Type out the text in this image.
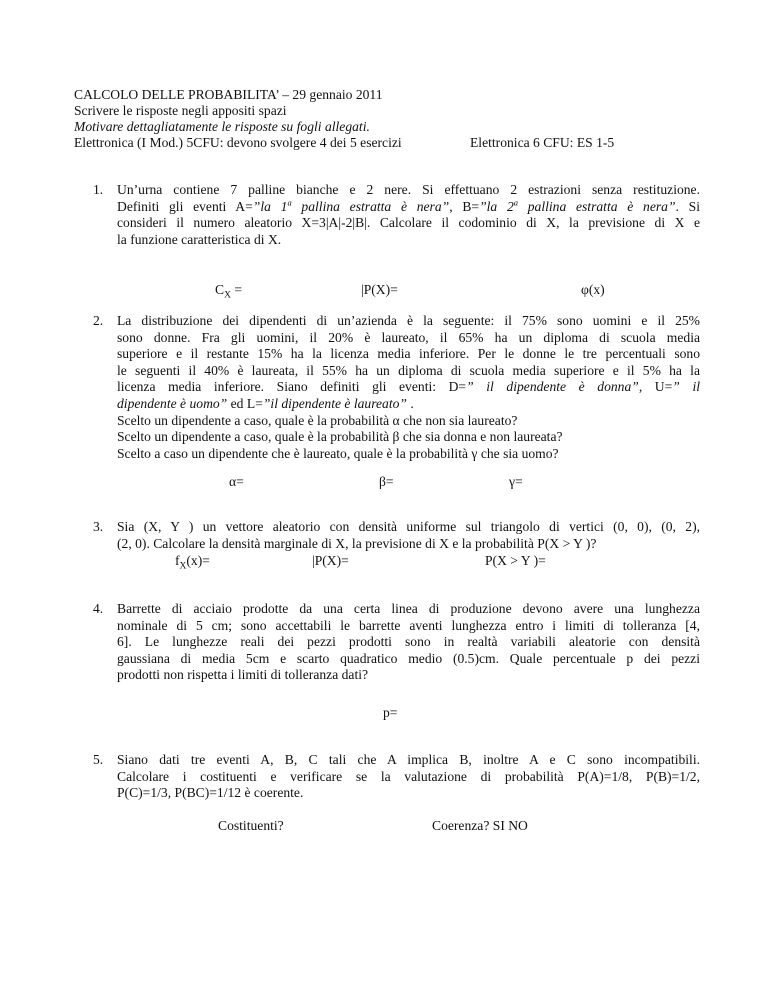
CALCOLO DELLE PROBABILITA’ – 29 gennaio 2011
Scrivere le risposte negli appositi spazi
Motivare dettagliatamente le risposte su fogli allegati.
Elettronica (I Mod.) 5CFU: devono svolgere 4 dei 5 esercizi	Elettronica 6 CFU: ES 1-5
1. Un’urna contiene 7 palline bianche e 2 nere. Si effettuano 2 estrazioni senza restituzione.
Definiti gli eventi A=”la 1$^a$ pallina estratta è nera”, B=”la 2$^a$ pallina estratta è nera”. Si
consideri il numero aleatorio X=3|A|-2|B|. Calcolare il codominio di X, la previsione di X e
la funzione caratteristica di X.
$C_X$ =	|P(X)=	φ(x)
2. La distribuzione dei dipendenti di un’azienda è la seguente: il 75% sono uomini e il 25%
sono donne. Fra gli uomini, il 20% è laureato, il 65% ha un diploma di scuola media
superiore e il restante 15% ha la licenza media inferiore. Per le donne le tre percentuali sono
le seguenti il 40% è laureata, il 55% ha un diploma di scuola media superiore e il 5% ha la
licenza media inferiore. Siano definiti gli eventi: D=” il dipendente è donna”, U=” il
dipendente è uomo” ed L=”il dipendente è laureato” .
Scelto un dipendente a caso, quale è la probabilità α che non sia laureato?
Scelto un dipendente a caso, quale è la probabilità β che sia donna e non laureata?
Scelto a caso un dipendente che è laureato, quale è la probabilità γ che sia uomo?
α=	β=	γ=
3. Sia (X, Y ) un vettore aleatorio con densità uniforme sul triangolo di vertici (0, 0), (0, 2),
(2, 0). Calcolare la densità marginale di X, la previsione di X e la probabilità P(X > Y )?
$f_X(x)=$	|P(X)=	P(X > Y )=
4. Barrette di acciaio prodotte da una certa linea di produzione devono avere una lunghezza
nominale di 5 cm; sono accettabili le barrette aventi lunghezza entro i limiti di tolleranza [4,
6]. Le lunghezze reali dei pezzi prodotti sono in realtà variabili aleatorie con densità
gaussiana di media 5cm e scarto quadratico medio (0.5)cm. Quale percentuale p dei pezzi
prodotti non rispetta i limiti di tolleranza dati?
p=
5. Siano dati tre eventi A, B, C tali che A implica B, inoltre A e C sono incompatibili.
Calcolare i costituenti e verificare se la valutazione di probabilità P(A)=1/8, P(B)=1/2,
P(C)=1/3, P(BC)=1/12 è coerente.
Costituenti?	Coerenza? SI NO
